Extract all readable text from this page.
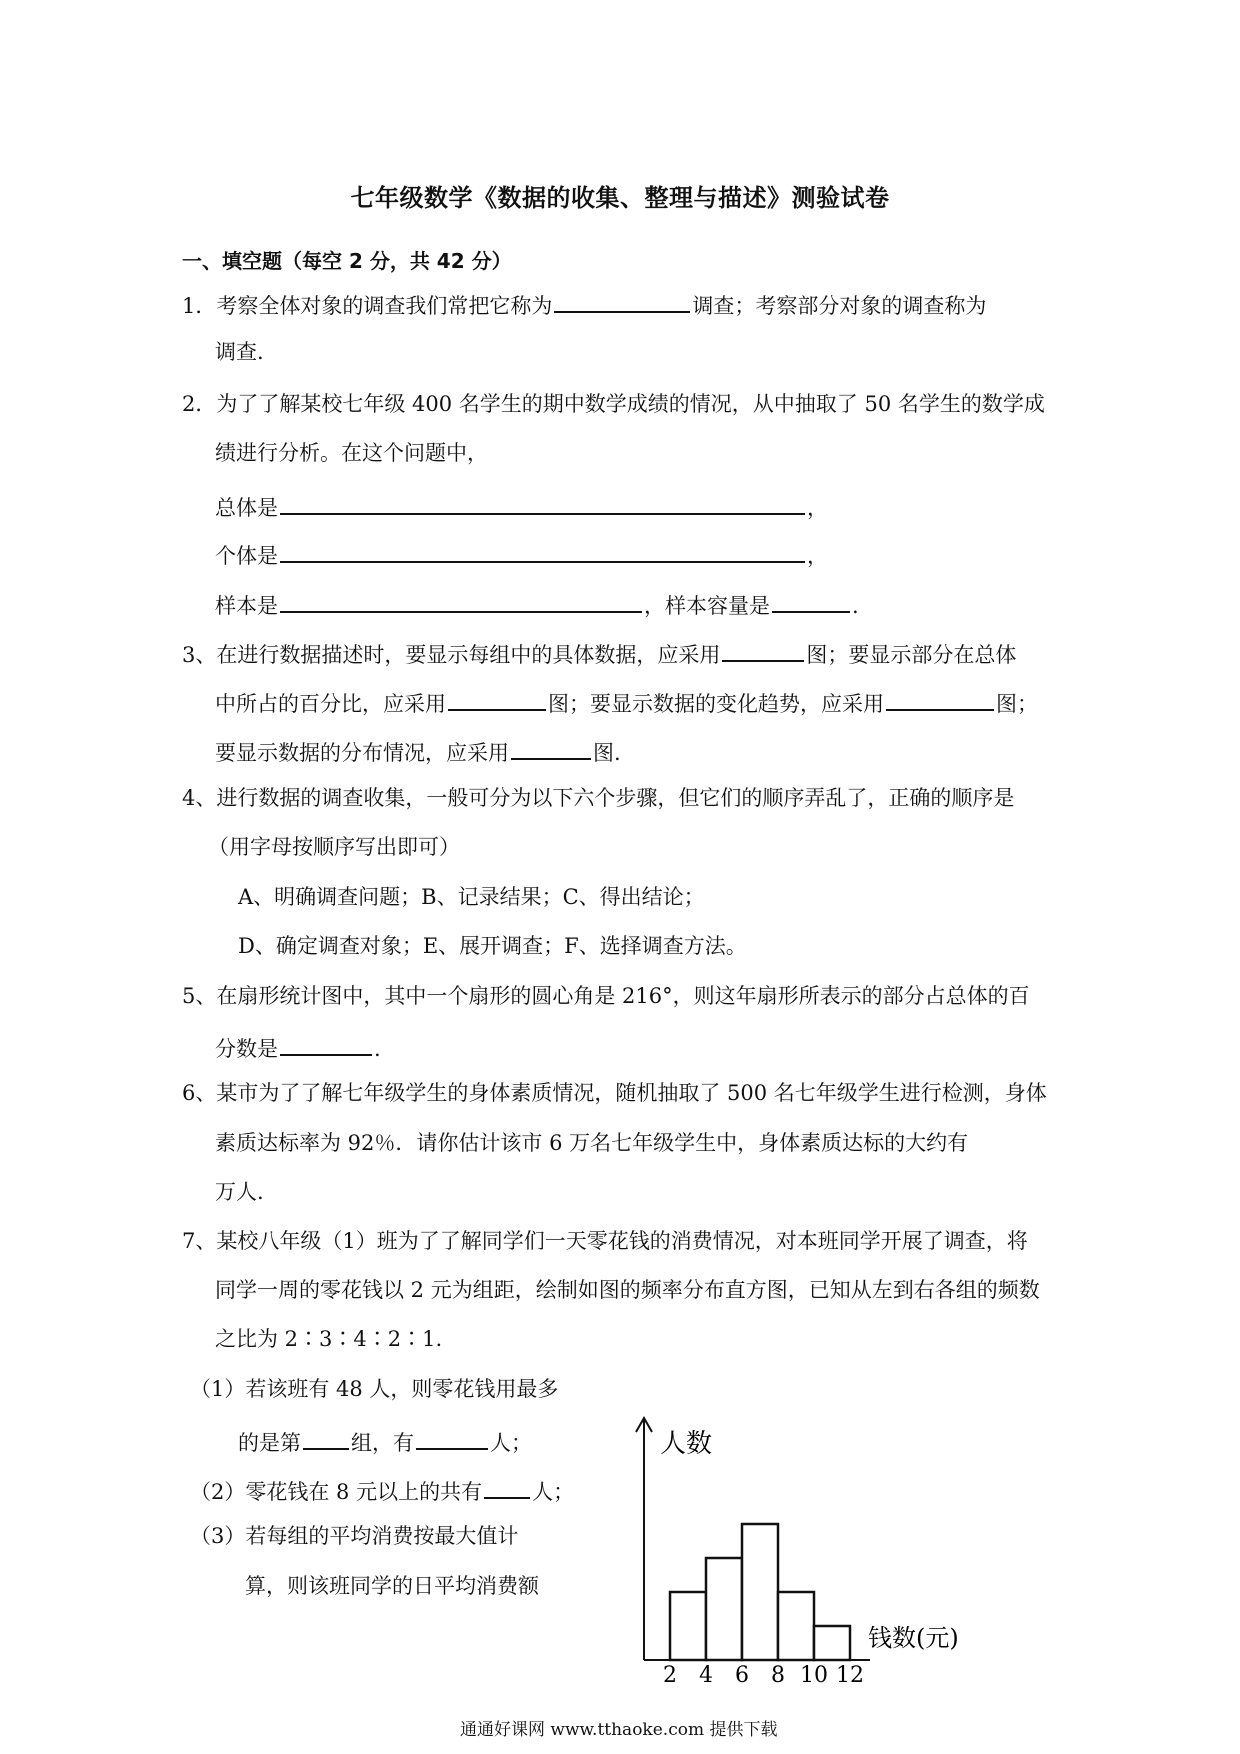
七年级数学《数据的收集、整理与描述》测验试卷
一、填空题（每空 2 分，共 42 分）
1．考察全体对象的调查我们常把它称为	调查；考察部分对象的调查称为
调查.
2．为了了解某校七年级 400 名学生的期中数学成绩的情况，从中抽取了 50 名学生的数学成
绩进行分析。在这个问题中，
总体是	，
个体是	，
样本是	，样本容量是	.
3、在进行数据描述时，要显示每组中的具体数据，应采用	图；要显示部分在总体
中所占的百分比，应采用	图；要显示数据的变化趋势，应采用	图；
要显示数据的分布情况，应采用	图.
4、进行数据的调查收集，一般可分为以下六个步骤，但它们的顺序弄乱了，正确的顺序是
（用字母按顺序写出即可）
A、明确调查问题；B、记录结果；C、得出结论；
D、确定调查对象；E、展开调查；F、选择调查方法。
5、在扇形统计图中，其中一个扇形的圆心角是 216°，则这年扇形所表示的部分占总体的百
分数是	.
6、某市为了了解七年级学生的身体素质情况，随机抽取了 500 名七年级学生进行检测，身体
素质达标率为 92％．请你估计该市 6 万名七年级学生中，身体素质达标的大约有
万人.
7、某校八年级（1）班为了了解同学们一天零花钱的消费情况，对本班同学开展了调查，将
同学一周的零花钱以 2 元为组距，绘制如图的频率分布直方图，已知从左到右各组的频数
之比为 2∶3∶4∶2∶1.
（1）若该班有 48 人，则零花钱用最多
的是第 组，有	人；
（2）零花钱在 8 元以上的共有 人；
（3）若每组的平均消费按最大值计
算，则该班同学的日平均消费额
人数
钱数(元)
2 4 6 8 10 12
通通好课网 www.tthaoke.com 提供下载
